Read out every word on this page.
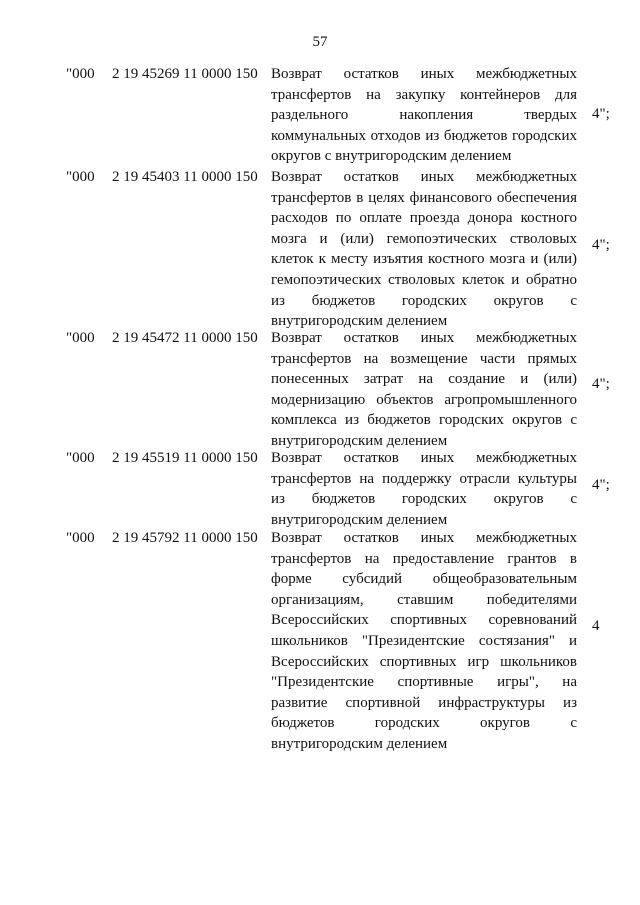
57
"000 2 19 45269 11 0000 150 Возврат остатков иных межбюджетных трансфертов на закупку контейнеров для раздельного накопления твердых коммунальных отходов из бюджетов городских округов с внутригородским делением
4";
"000 2 19 45403 11 0000 150 Возврат остатков иных межбюджетных трансфертов в целях финансового обеспечения расходов по оплате проезда донора костного мозга и (или) гемопоэтических стволовых клеток к месту изъятия костного мозга и (или) гемопоэтических стволовых клеток и обратно из бюджетов городских округов с внутригородским делением
4";
"000 2 19 45472 11 0000 150 Возврат остатков иных межбюджетных трансфертов на возмещение части прямых понесенных затрат на создание и (или) модернизацию объектов агропромышленного комплекса из бюджетов городских округов с внутригородским делением
4";
"000 2 19 45519 11 0000 150 Возврат остатков иных межбюджетных трансфертов на поддержку отрасли культуры из бюджетов городских округов с внутригородским делением
4";
"000 2 19 45792 11 0000 150 Возврат остатков иных межбюджетных трансфертов на предоставление грантов в форме субсидий общеобразовательным организациям, ставшим победителями Всероссийских спортивных соревнований школьников "Президентские состязания" и Всероссийских спортивных игр школьников "Президентские спортивные игры", на развитие спортивной инфраструктуры из бюджетов городских округов с внутригородским делением
4
